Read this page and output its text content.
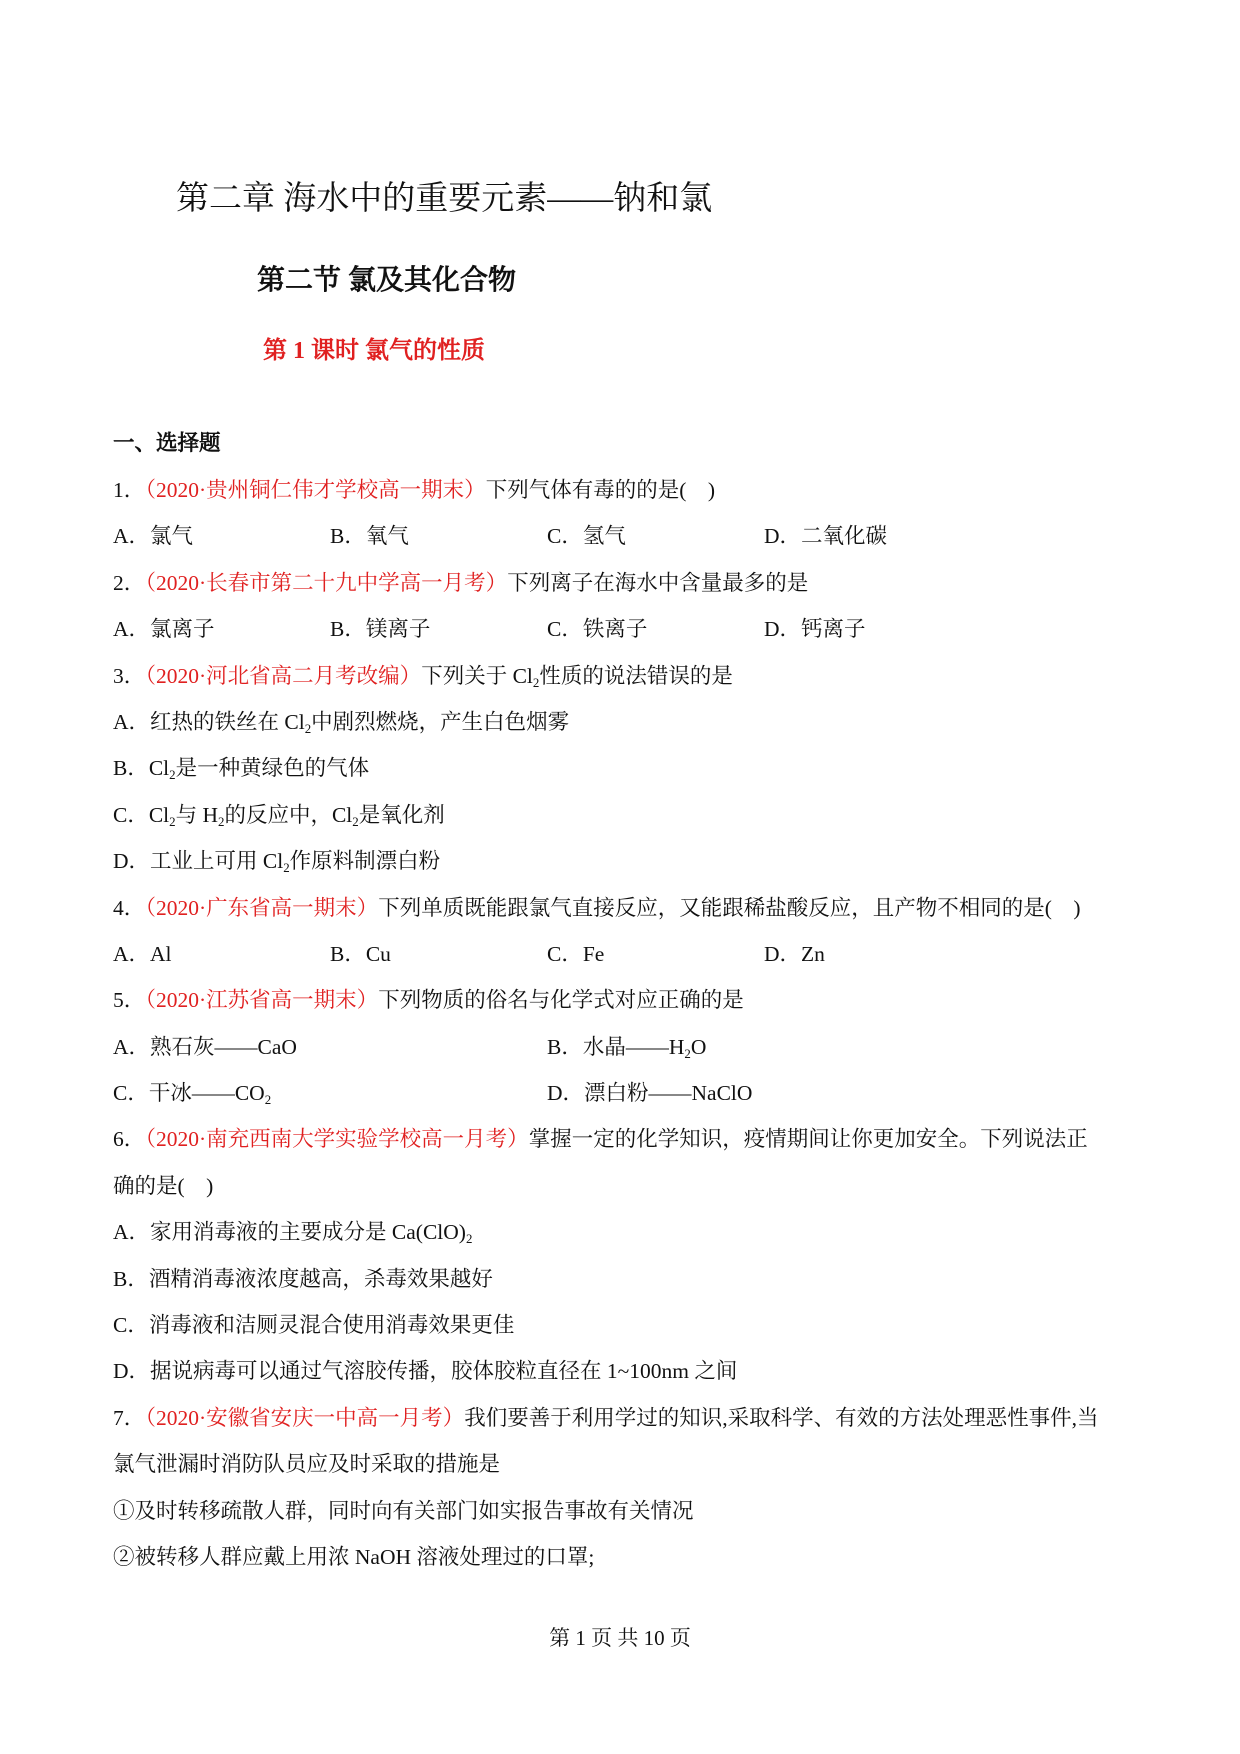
第二章 海水中的重要元素——钠和氯
第二节 氯及其化合物
第 1 课时 氯气的性质
一、选择题
1．（2020·贵州铜仁伟才学校高一期末）下列气体有毒的的是(　)
A．氯气	B．氧气	C．氢气	D．二氧化碳
2．（2020·长春市第二十九中学高一月考）下列离子在海水中含量最多的是
A．氯离子	B．镁离子	C．铁离子	D．钙离子
3．（2020·河北省高二月考改编）下列关于 $Cl_2$性质的说法错误的是
A．红热的铁丝在 $Cl_2$中剧烈燃烧，产生白色烟雾
B．$Cl_2$是一种黄绿色的气体
C．$Cl_2$与 $H_2$的反应中，$Cl_2$是氧化剂
D．工业上可用 $Cl_2$作原料制漂白粉
4．（2020·广东省高一期末）下列单质既能跟氯气直接反应，又能跟稀盐酸反应，且产物不相同的是(　)
A．Al	B．Cu	C．Fe	D．Zn
5．（2020·江苏省高一期末）下列物质的俗名与化学式对应正确的是
A．熟石灰——CaO	B．水晶$——H_2O$
C．干冰$——CO_2$	D．漂白粉——NaClO
6．（2020·南充西南大学实验学校高一月考）掌握一定的化学知识，疫情期间让你更加安全。下列说法正
确的是(　)
A．家用消毒液的主要成分是 $Ca(ClO)_2$
B．酒精消毒液浓度越高，杀毒效果越好
C．消毒液和洁厕灵混合使用消毒效果更佳
D．据说病毒可以通过气溶胶传播，胶体胶粒直径在 1~100nm 之间
7．（2020·安徽省安庆一中高一月考）我们要善于利用学过的知识,采取科学、有效的方法处理恶性事件,当
氯气泄漏时消防队员应及时采取的措施是
①及时转移疏散人群，同时向有关部门如实报告事故有关情况
②被转移人群应戴上用浓 NaOH 溶液处理过的口罩;
第 1 页 共 10 页
